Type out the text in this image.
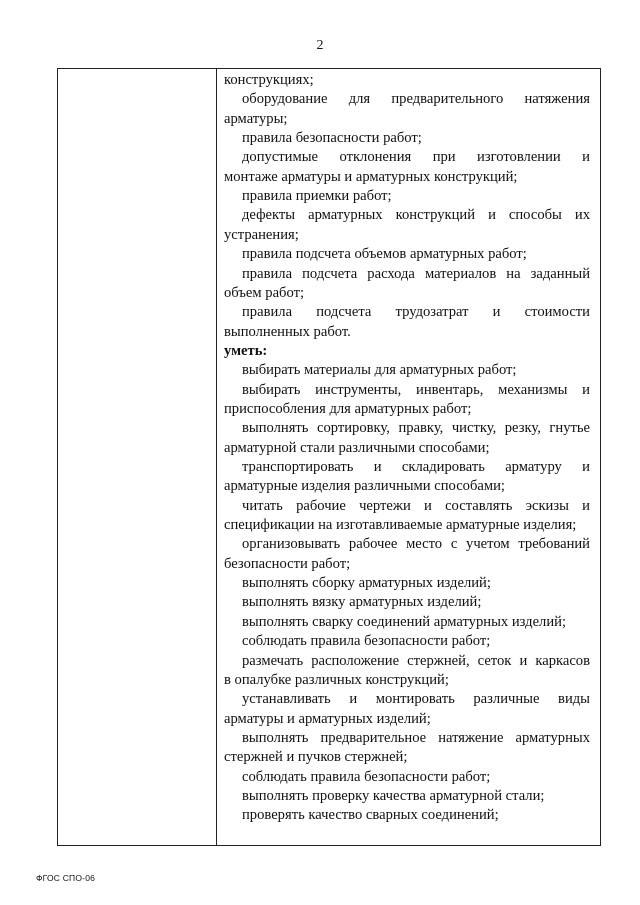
2
конструкциях;
оборудование для предварительного натяжения
арматуры;
правила безопасности работ;
допустимые отклонения при изготовлении и
монтаже арматуры и арматурных конструкций;
правила приемки работ;
дефекты арматурных конструкций и способы их
устранения;
правила подсчета объемов арматурных работ;
правила подсчета расхода материалов на заданный
объем работ;
правила подсчета трудозатрат и стоимости
выполненных работ.
уметь:
выбирать материалы для арматурных работ;
выбирать инструменты, инвентарь, механизмы и
приспособления для арматурных работ;
выполнять сортировку, правку, чистку, резку, гнутье
арматурной стали различными способами;
транспортировать и складировать арматуру и
арматурные изделия различными способами;
читать рабочие чертежи и составлять эскизы и
спецификации на изготавливаемые арматурные изделия;
организовывать рабочее место с учетом требований
безопасности работ;
выполнять сборку арматурных изделий;
выполнять вязку арматурных изделий;
выполнять сварку соединений арматурных изделий;
соблюдать правила безопасности работ;
размечать расположение стержней, сеток и каркасов
в опалубке различных конструкций;
устанавливать и монтировать различные виды
арматуры и арматурных изделий;
выполнять предварительное натяжение арматурных
стержней и пучков стержней;
соблюдать правила безопасности работ;
выполнять проверку качества арматурной стали;
проверять качество сварных соединений;
ФГОС СПО-06
